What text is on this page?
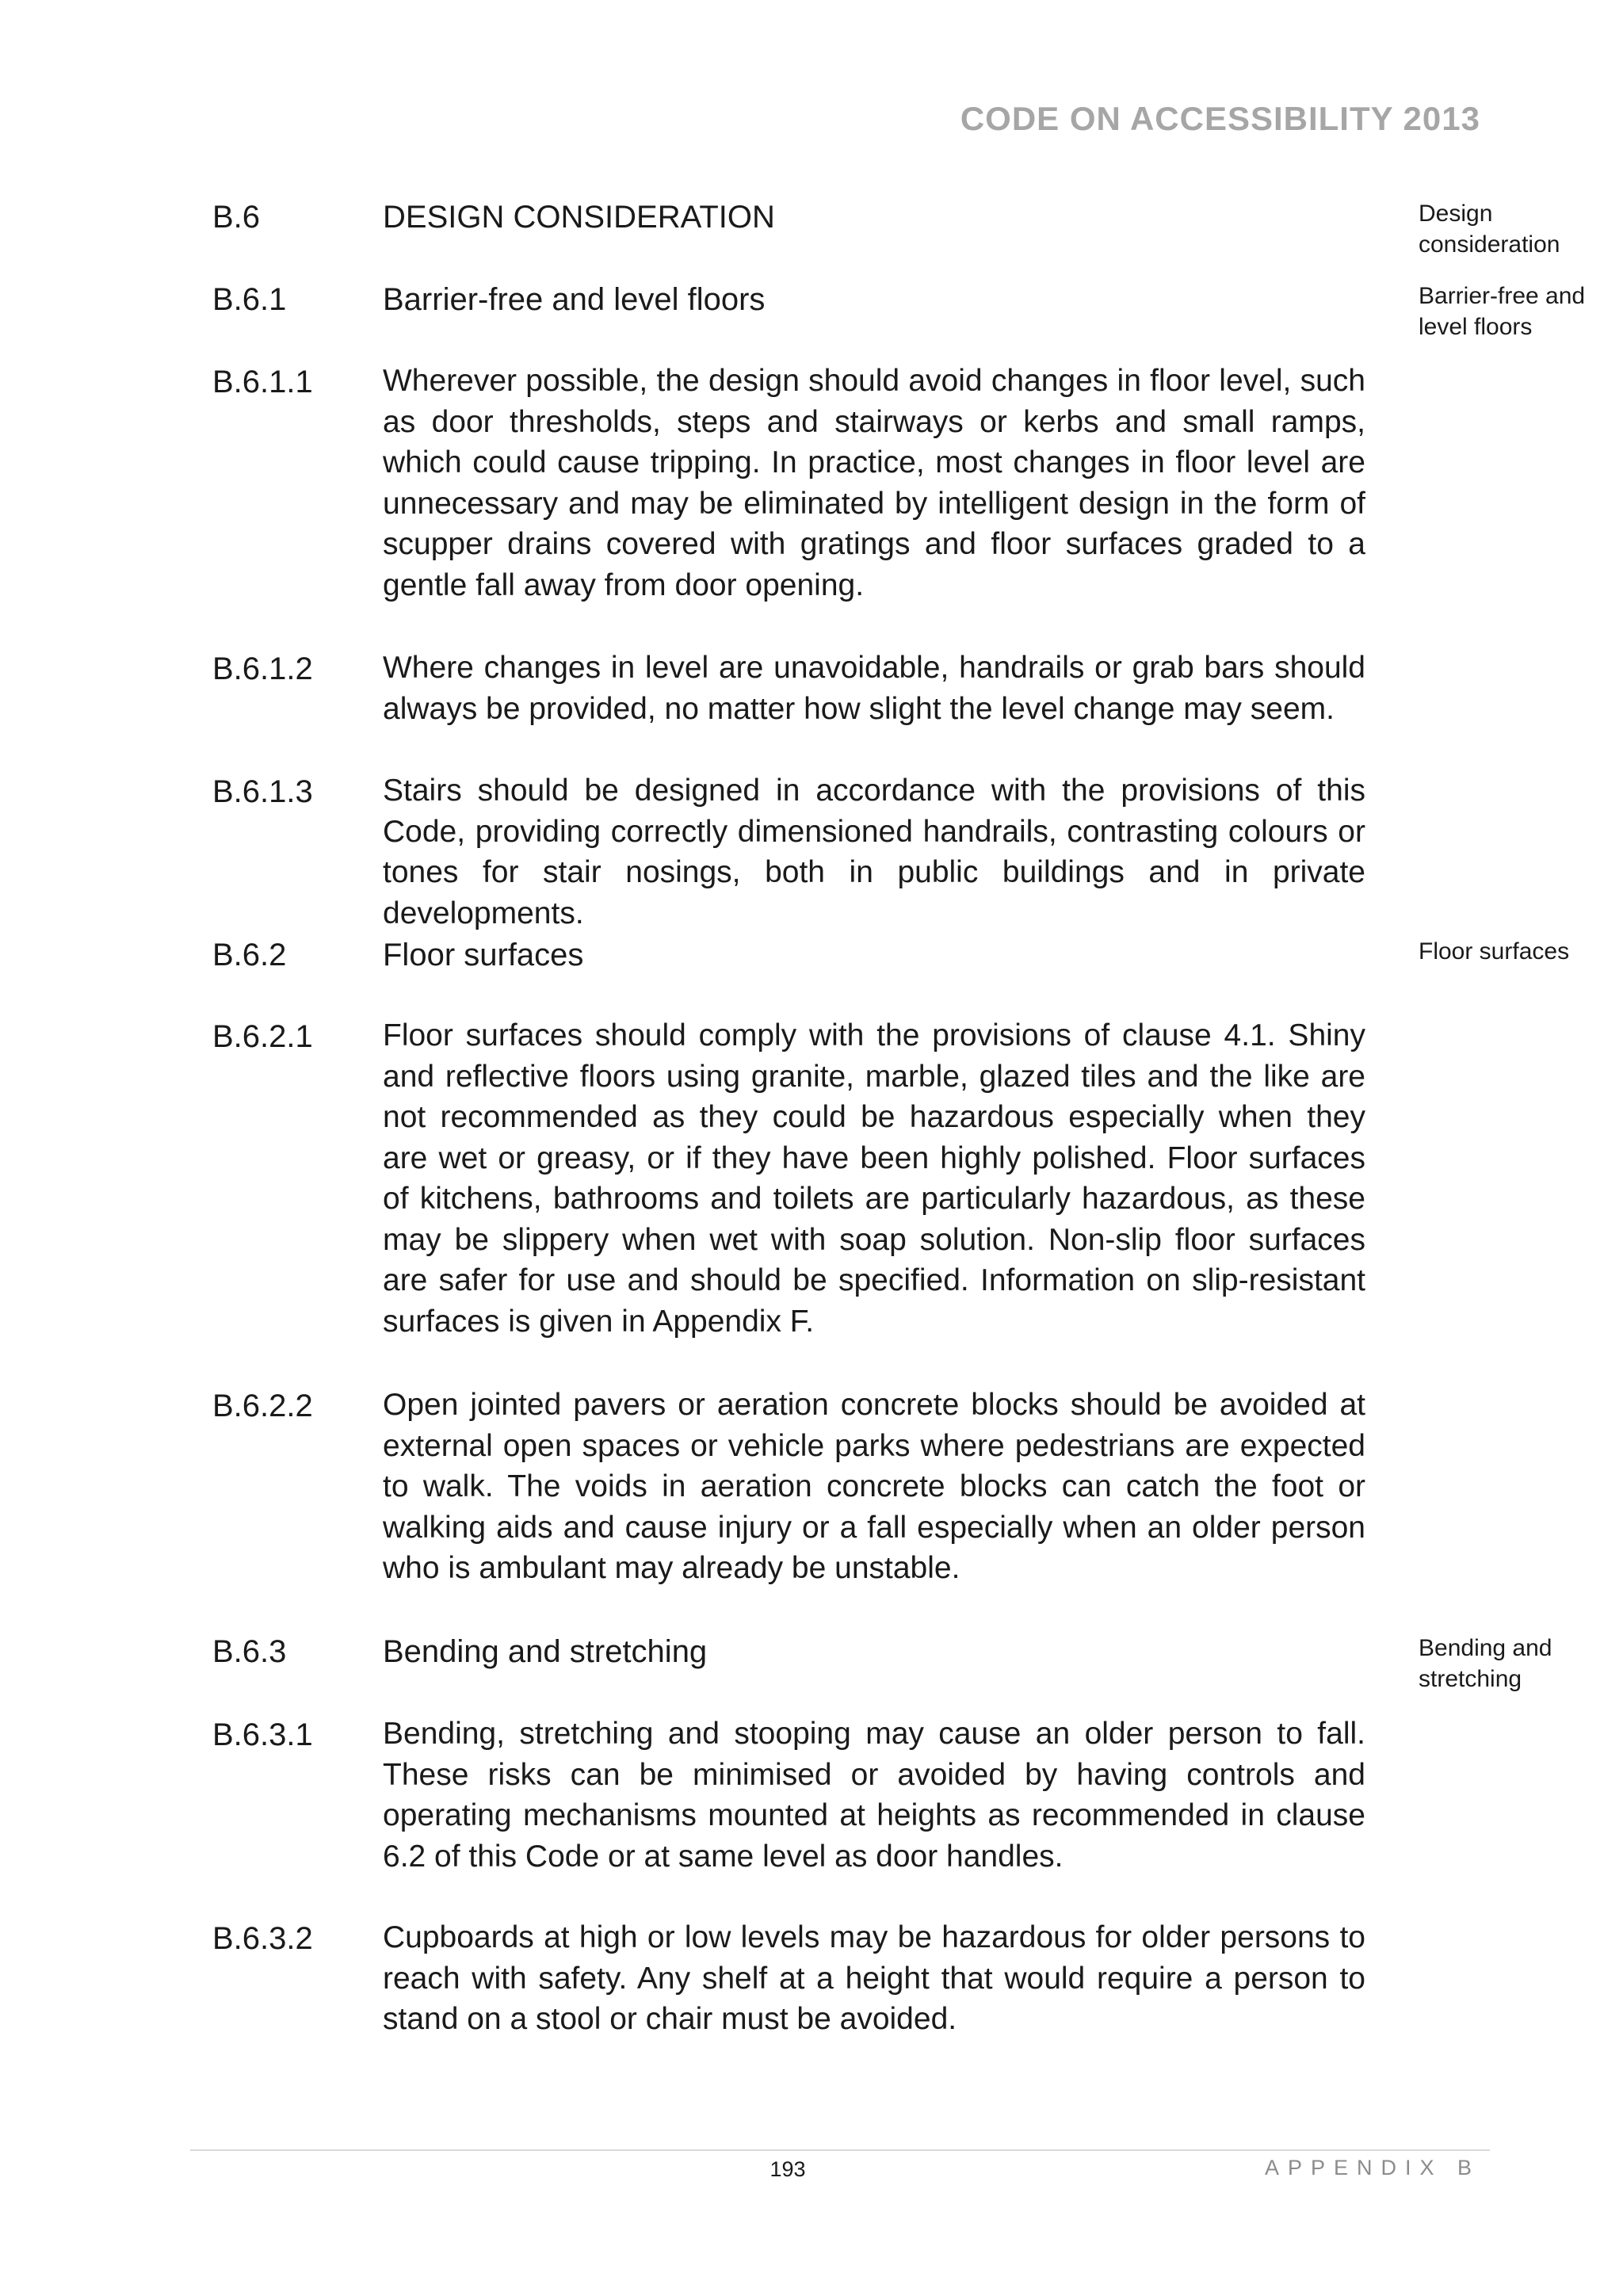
CODE ON ACCESSIBILITY 2013
B.6	DESIGN CONSIDERATION	Design consideration
B.6.1	Barrier-free and level floors	Barrier-free and level floors
B.6.1.1 Wherever possible, the design should avoid changes in floor level, such as door thresholds, steps and stairways or kerbs and small ramps, which could cause tripping. In practice, most changes in floor level are unnecessary and may be eliminated by intelligent design in the form of scupper drains covered with gratings and floor surfaces graded to a gentle fall away from door opening.

B.6.1.2 Where changes in level are unavoidable, handrails or grab bars should always be provided, no matter how slight the level change may seem.

B.6.1.3 Stairs should be designed in accordance with the provisions of this Code, providing correctly dimensioned handrails, contrasting colours or tones for stair nosings, both in public buildings and in private developments.

B.6.2	Floor surfaces	Floor surfaces
B.6.2.1 Floor surfaces should comply with the provisions of clause 4.1. Shiny and reflective floors using granite, marble, glazed tiles and the like are not recommended as they could be hazardous especially when they are wet or greasy, or if they have been highly polished. Floor surfaces of kitchens, bathrooms and toilets are particularly hazardous, as these may be slippery when wet with soap solution. Non-slip floor surfaces are safer for use and should be specified. Information on slip-resistant surfaces is given in Appendix F.

B.6.2.2 Open jointed pavers or aeration concrete blocks should be avoided at external open spaces or vehicle parks where pedestrians are expected to walk. The voids in aeration concrete blocks can catch the foot or walking aids and cause injury or a fall especially when an older person who is ambulant may already be unstable.

B.6.3	Bending and stretching	Bending and stretching
B.6.3.1 Bending, stretching and stooping may cause an older person to fall. These risks can be minimised or avoided by having controls and operating mechanisms mounted at heights as recommended in clause 6.2 of this Code or at same level as door handles.

B.6.3.2 Cupboards at high or low levels may be hazardous for older persons to reach with safety. Any shelf at a height that would require a person to stand on a stool or chair must be avoided.

193	APPENDIX B
